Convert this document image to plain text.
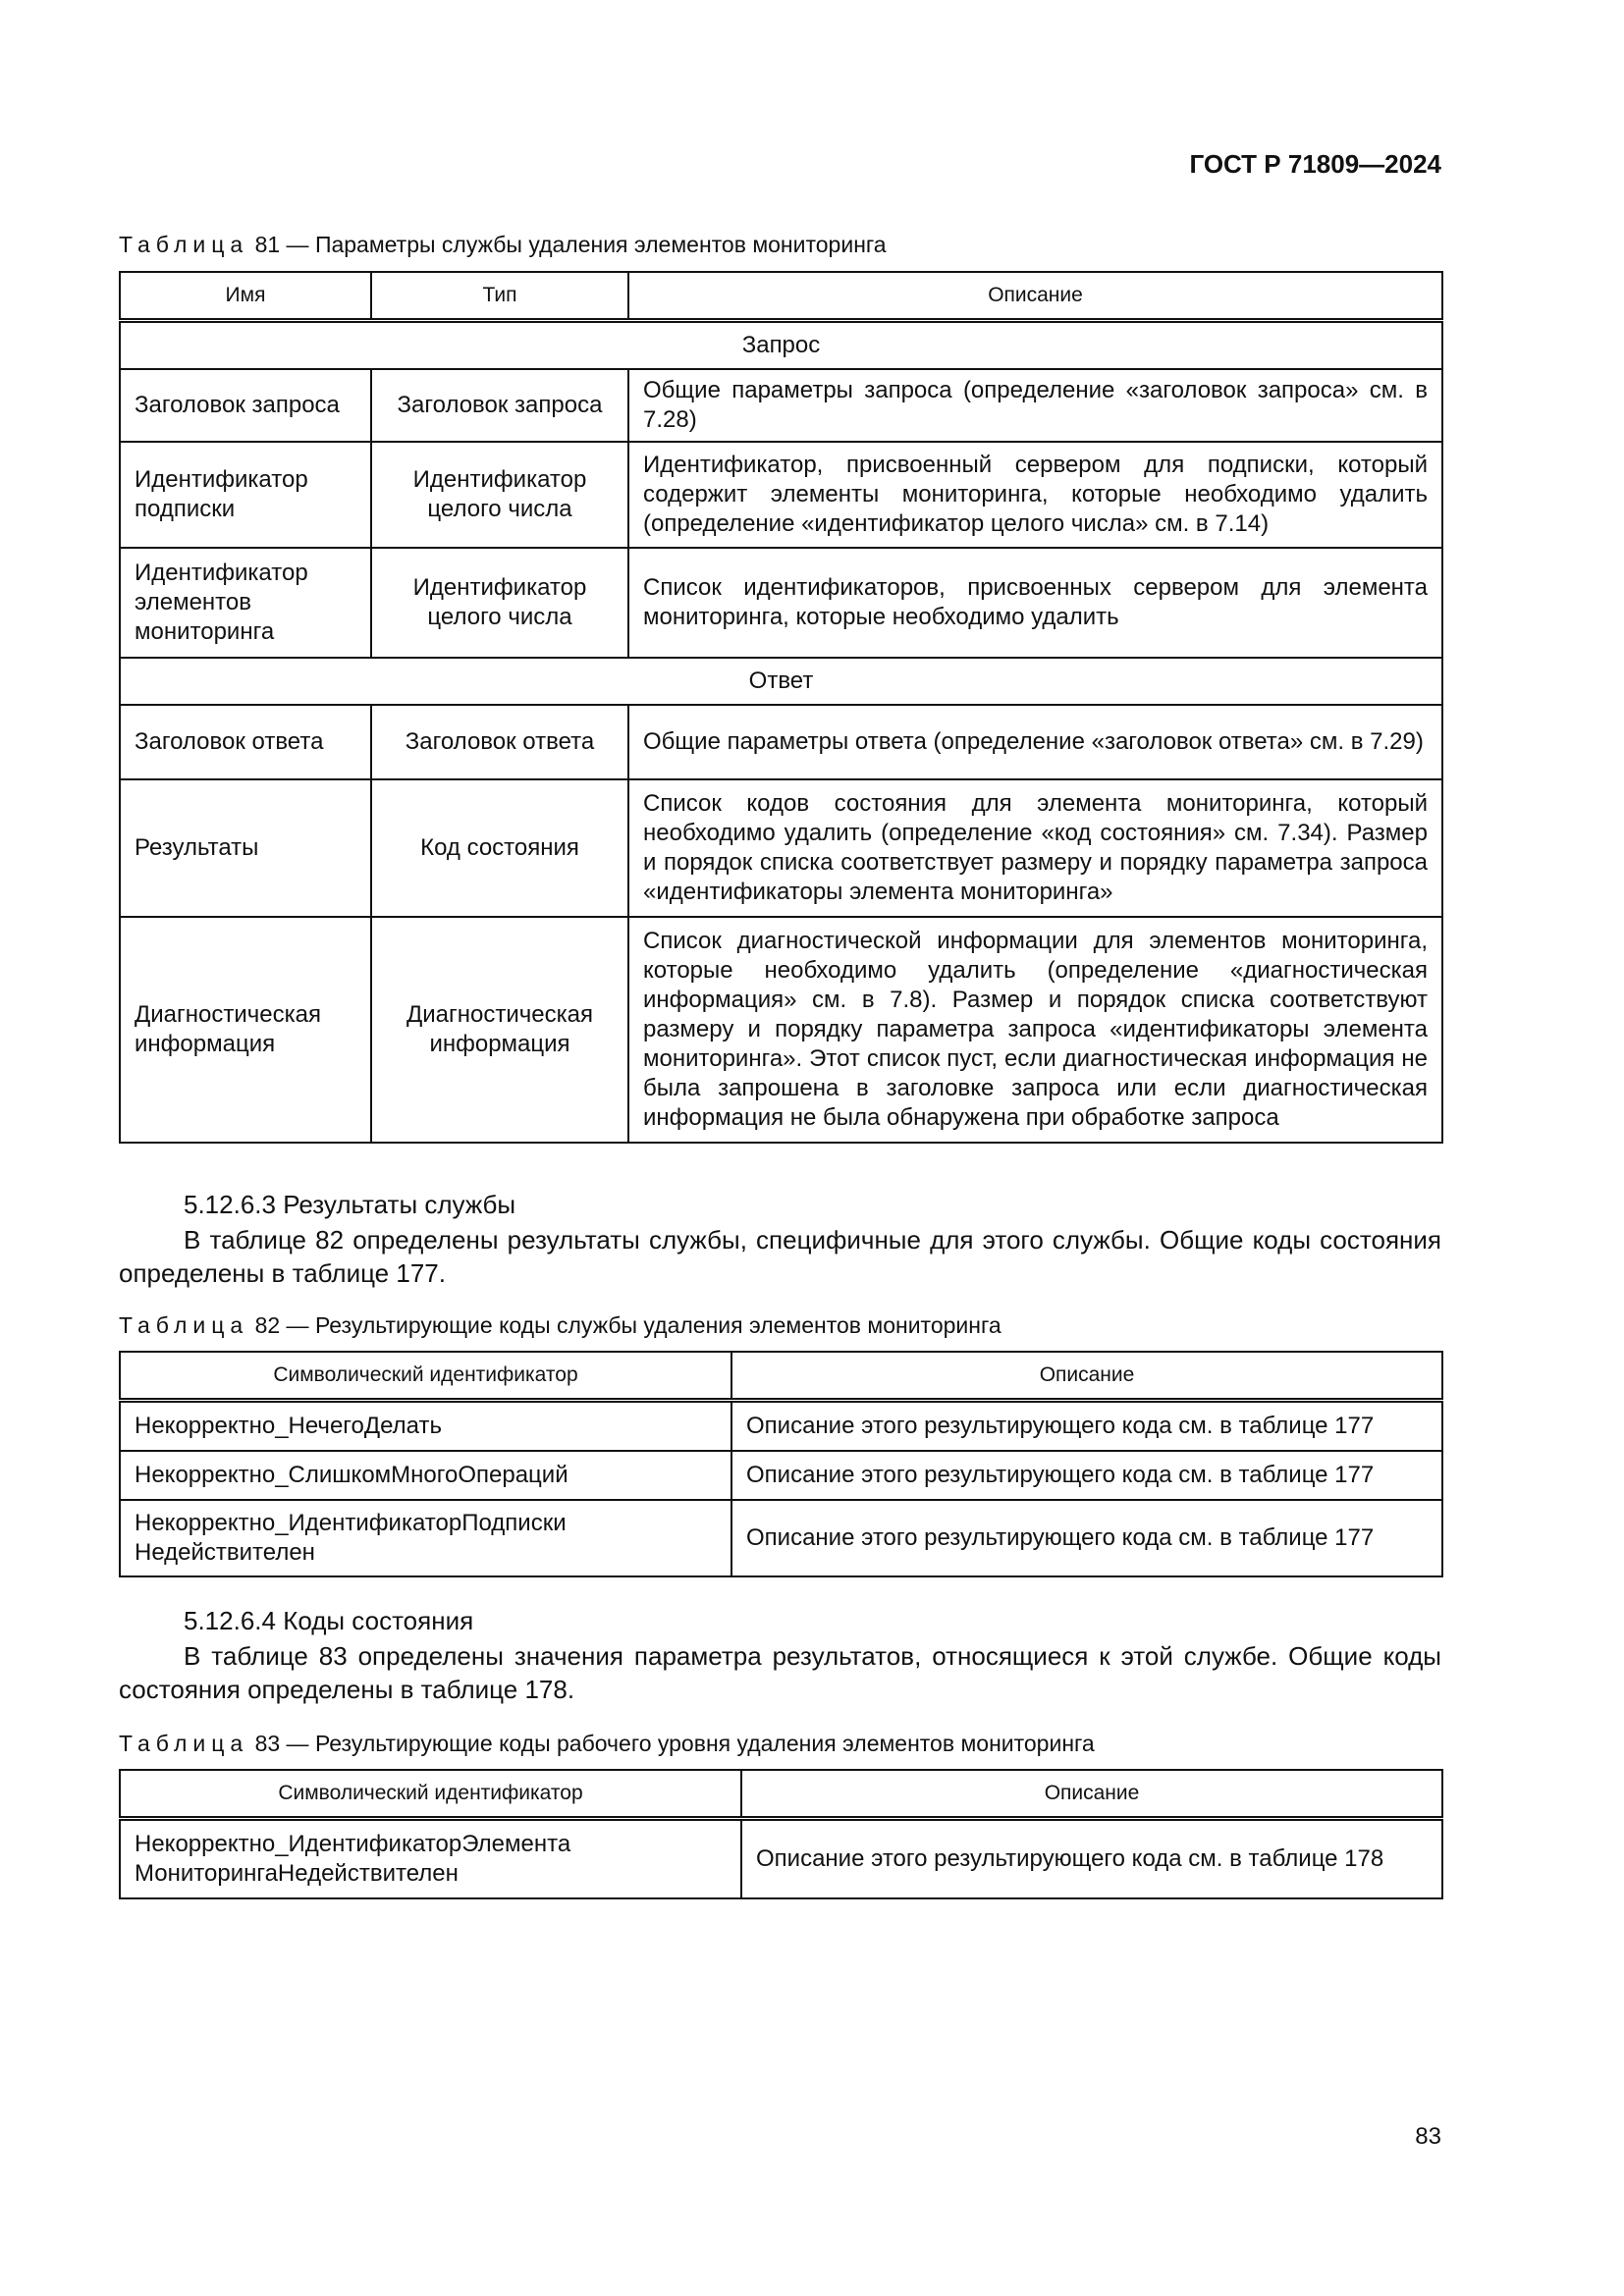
ГОСТ Р 71809—2024
Таблица 81 — Параметры службы удаления элементов мониторинга
Имя	Тип	Описание
Запрос		
Заголовок запроса	Заголовок запроса	Общие параметры запроса (определение «заголовок запроса» см. в 7.28)
Идентификатор подписки	Идентификатор целого числа	Идентификатор, присвоенный сервером для подписки, который содержит элементы мониторинга, которые необходимо удалить (определение «идентификатор целого числа» см. в 7.14)
Идентификатор элементов мониторинга	Идентификатор целого числа	Список идентификаторов, присвоенных сервером для элемента мониторинга, которые необходимо удалить
Ответ		
Заголовок ответа	Заголовок ответа	Общие параметры ответа (определение «заголовок ответа» см. в 7.29)
Результаты	Код состояния	Список кодов состояния для элемента мониторинга, который необходимо удалить (определение «код состояния» см. 7.34). Размер и порядок списка соответствует размеру и порядку параметра запроса «идентификаторы элемента мониторинга»
Диагностическая информация	Диагностическая информация	Список диагностической информации для элементов мониторинга, которые необходимо удалить (определение «диагностическая информация» см. в 7.8). Размер и порядок списка соответствуют размеру и порядку параметра запроса «идентификаторы элемента мониторинга». Этот список пуст, если диагностическая информация не была запрошена в заголовке запроса или если диагностическая информация не была обнаружена при обработке запроса
5.12.6.3 Результаты службы
В таблице 82 определены результаты службы, специфичные для этого службы. Общие коды состояния определены в таблице 177.
Таблица 82 — Результирующие коды службы удаления элементов мониторинга
Символический идентификатор	Описание
Некорректно_НечегоДелать	Описание этого результирующего кода см. в таблице 177
Некорректно_СлишкомМногоОпераций	Описание этого результирующего кода см. в таблице 177
Некорректно_ИдентификаторПодписки Недействителен	Описание этого результирующего кода см. в таблице 177
5.12.6.4 Коды состояния
В таблице 83 определены значения параметра результатов, относящиеся к этой службе. Общие коды состояния определены в таблице 178.
Таблица 83 — Результирующие коды рабочего уровня удаления элементов мониторинга
Символический идентификатор	Описание
Некорректно_ИдентификаторЭлемента МониторингаНедействителен	Описание этого результирующего кода см. в таблице 178
83
